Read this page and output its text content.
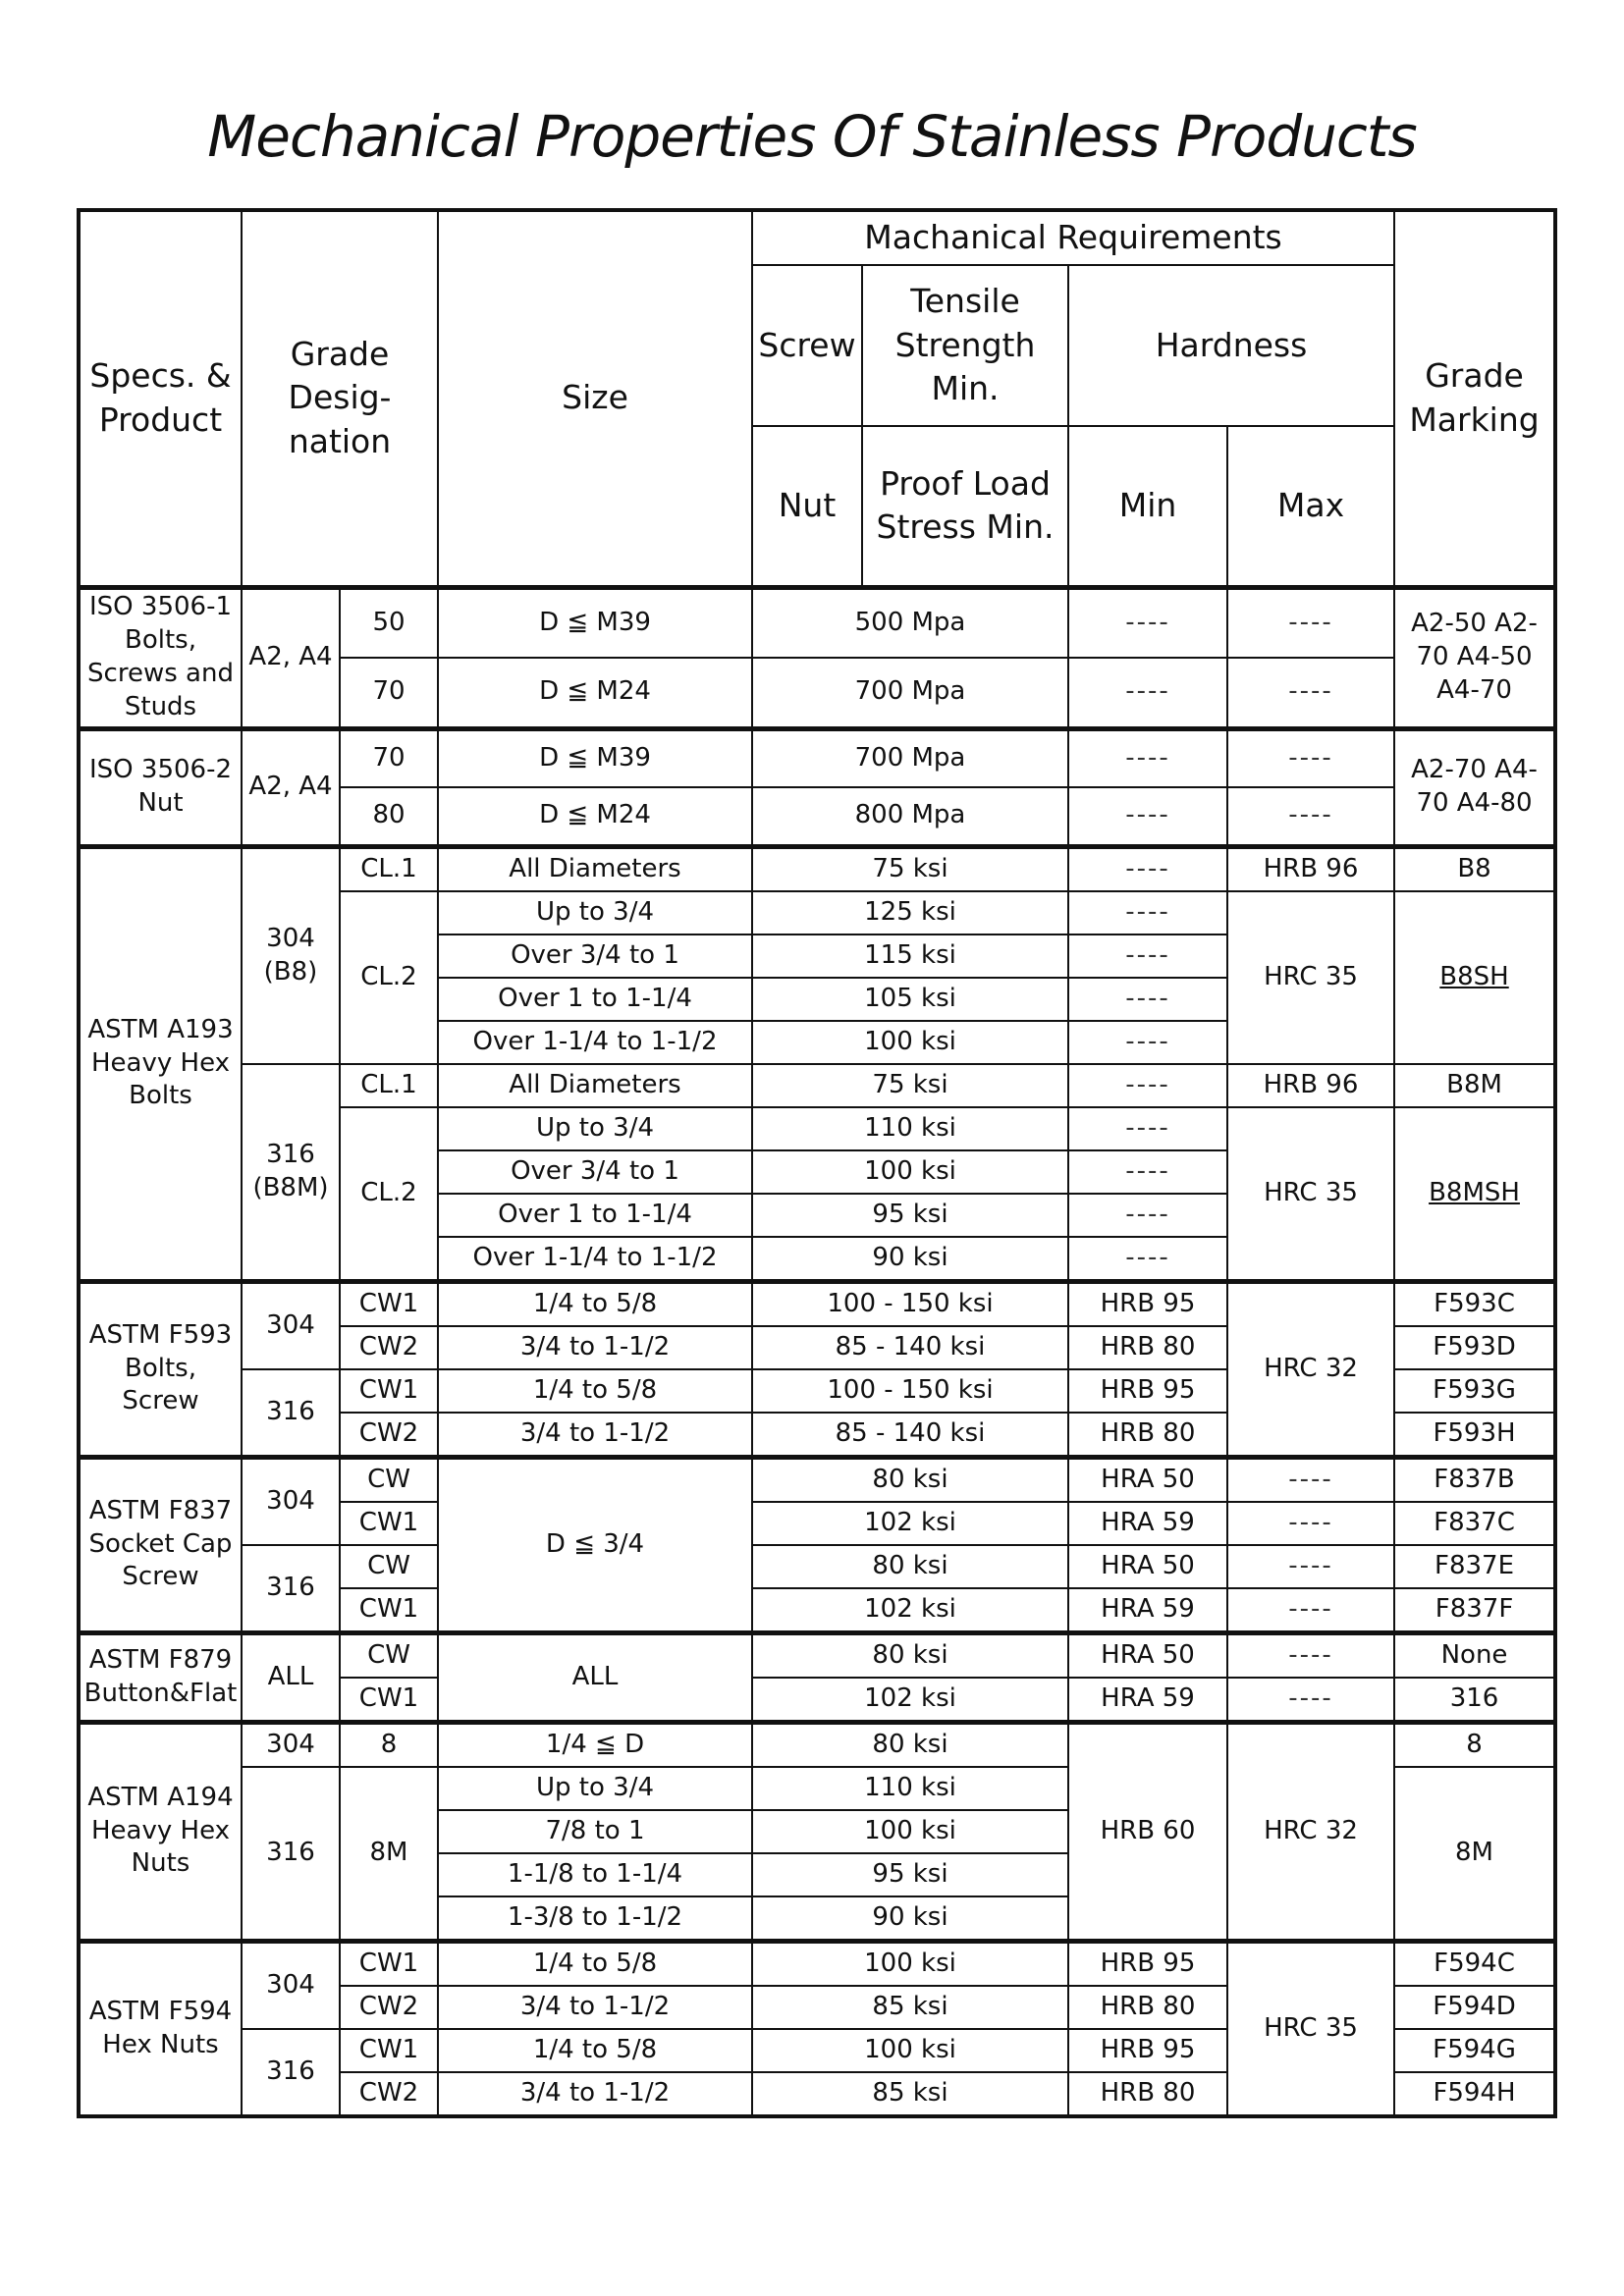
Mechanical Properties Of Stainless Products
Specs. & Product	Grade Desig- nation		Size	Machanical Requirements				Grade Marking
				Screw	Tensile Strength Min.	Hardness		
				Nut	Proof Load Stress Min.	Min	Max	
ISO 3506-1 Bolts, Screws and Studs	A2, A4	50	D ≦ M39	500 Mpa		----	----	A2-50 A2-70 A4-50 A4-70
		70	D ≦ M24	700 Mpa		----	----	
ISO 3506-2 Nut	A2, A4	70	D ≦ M39	700 Mpa		----	----	A2-70 A4-70 A4-80
		80	D ≦ M24	800 Mpa		----	----	
ASTM A193 Heavy Hex Bolts	304 (B8)	CL.1	All Diameters	75 ksi		----	HRB 96	B8
		CL.2	Up to 3/4	125 ksi		----	HRC 35	B8SH
			Over 3/4 to 1	115 ksi		----		
			Over 1 to 1-1/4	105 ksi		----		
			Over 1-1/4 to 1-1/2	100 ksi		----		
	316 (B8M)	CL.1	All Diameters	75 ksi		----	HRB 96	B8M
		CL.2	Up to 3/4	110 ksi		----	HRC 35	B8MSH
			Over 3/4 to 1	100 ksi		----		
			Over 1 to 1-1/4	95 ksi		----		
			Over 1-1/4 to 1-1/2	90 ksi		----		
ASTM F593 Bolts, Screw	304	CW1	1/4 to 5/8	100 - 150 ksi		HRB 95	HRC 32	F593C
		CW2	3/4 to 1-1/2	85 - 140 ksi		HRB 80		F593D
	316	CW1	1/4 to 5/8	100 - 150 ksi		HRB 95		F593G
		CW2	3/4 to 1-1/2	85 - 140 ksi		HRB 80		F593H
ASTM F837 Socket Cap Screw	304	CW	D ≦ 3/4	80 ksi		HRA 50	----	F837B
		CW1		102 ksi		HRA 59	----	F837C
	316	CW		80 ksi		HRA 50	----	F837E
		CW1		102 ksi		HRA 59	----	F837F
ASTM F879 Button&Flat	ALL	CW	ALL	80 ksi		HRA 50	----	None
		CW1		102 ksi		HRA 59	----	316
ASTM A194 Heavy Hex Nuts	304	8	1/4 ≦ D	80 ksi		HRB 60	HRC 32	8
	316	8M	Up to 3/4	110 ksi				8M
			7/8 to 1	100 ksi				
			1-1/8 to 1-1/4	95 ksi				
			1-3/8 to 1-1/2	90 ksi				
ASTM F594 Hex Nuts	304	CW1	1/4 to 5/8	100 ksi		HRB 95	HRC 35	F594C
		CW2	3/4 to 1-1/2	85 ksi		HRB 80		F594D
	316	CW1	1/4 to 5/8	100 ksi		HRB 95		F594G
		CW2	3/4 to 1-1/2	85 ksi		HRB 80		F594H
